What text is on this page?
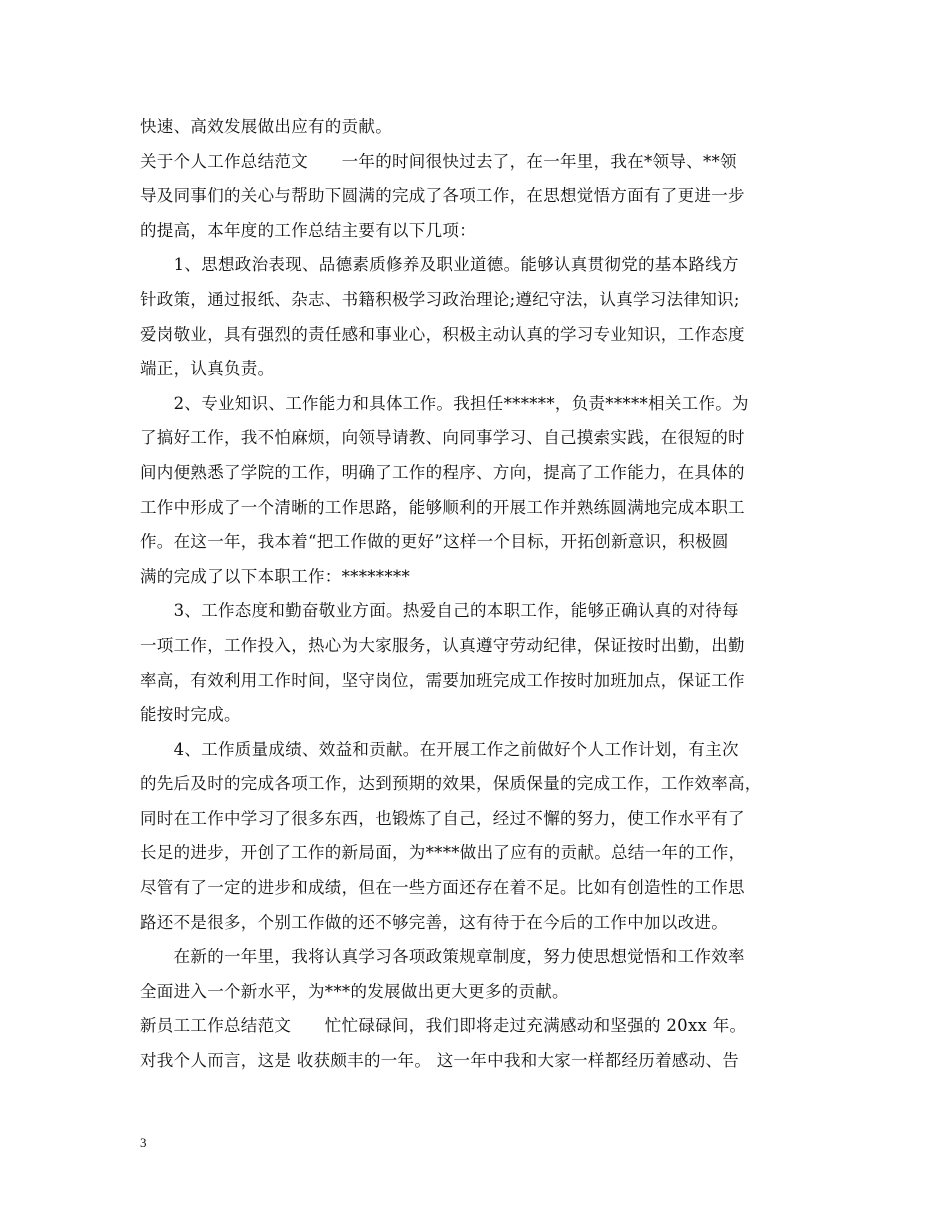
快速、高效发展做出应有的贡献。
关于个人工作总结范文　　一年的时间很快过去了，在一年里，我在*领导、**领
导及同事们的关心与帮助下圆满的完成了各项工作，在思想觉悟方面有了更进一步
的提高，本年度的工作总结主要有以下几项：
　　1、思想政治表现、品德素质修养及职业道德。能够认真贯彻党的基本路线方
针政策，通过报纸、杂志、书籍积极学习政治理论;遵纪守法，认真学习法律知识;
爱岗敬业，具有强烈的责任感和事业心，积极主动认真的学习专业知识，工作态度
端正，认真负责。
　　2、专业知识、工作能力和具体工作。我担任******，负责*****相关工作。为
了搞好工作，我不怕麻烦，向领导请教、向同事学习、自己摸索实践，在很短的时
间内便熟悉了学院的工作，明确了工作的程序、方向，提高了工作能力，在具体的
工作中形成了一个清晰的工作思路，能够顺利的开展工作并熟练圆满地完成本职工
作。在这一年，我本着“把工作做的更好”这样一个目标，开拓创新意识，积极圆
满的完成了以下本职工作：********
　　3、工作态度和勤奋敬业方面。热爱自己的本职工作，能够正确认真的对待每
一项工作，工作投入，热心为大家服务，认真遵守劳动纪律，保证按时出勤，出勤
率高，有效利用工作时间，坚守岗位，需要加班完成工作按时加班加点，保证工作
能按时完成。
　　4、工作质量成绩、效益和贡献。在开展工作之前做好个人工作计划，有主次
的先后及时的完成各项工作，达到预期的效果，保质保量的完成工作，工作效率高，
同时在工作中学习了很多东西，也锻炼了自己，经过不懈的努力，使工作水平有了
长足的进步，开创了工作的新局面，为****做出了应有的贡献。总结一年的工作，
尽管有了一定的进步和成绩，但在一些方面还存在着不足。比如有创造性的工作思
路还不是很多，个别工作做的还不够完善，这有待于在今后的工作中加以改进。
　　在新的一年里，我将认真学习各项政策规章制度，努力使思想觉悟和工作效率
全面进入一个新水平，为***的发展做出更大更多的贡献。
新员工工作总结范文　　忙忙碌碌间，我们即将走过充满感动和坚强的 20xx 年。
对我个人而言，这是 收获颇丰的一年。 这一年中我和大家一样都经历着感动、告
3
